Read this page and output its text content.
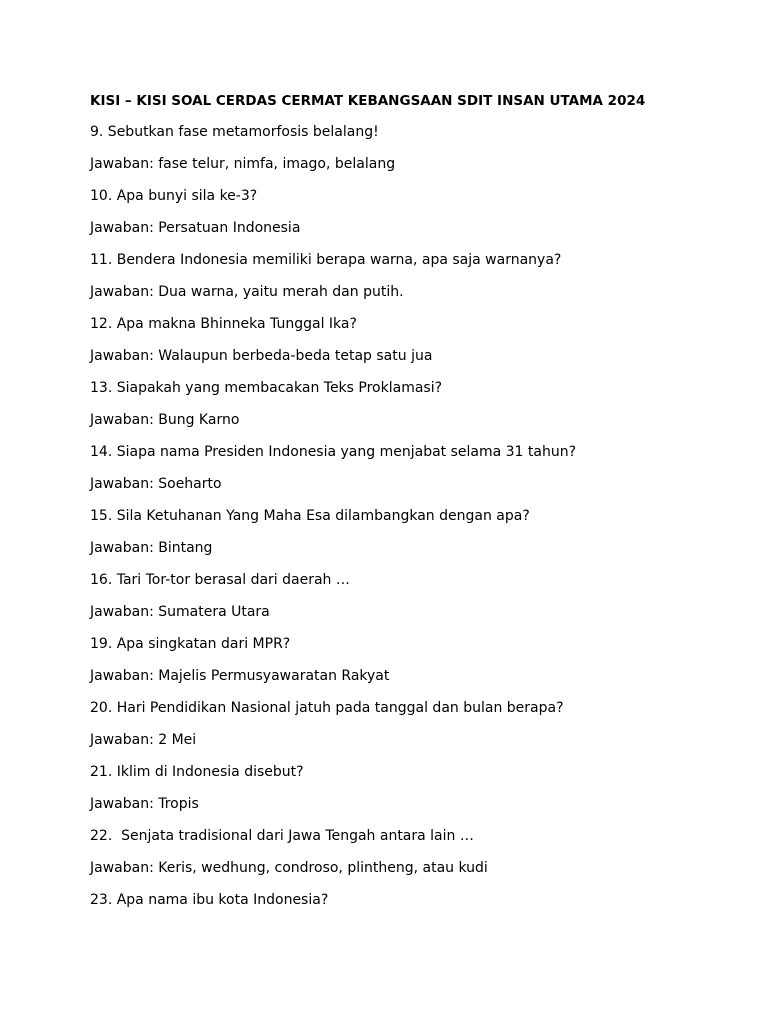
KISI – KISI SOAL CERDAS CERMAT KEBANGSAAN SDIT INSAN UTAMA 2024
9. Sebutkan fase metamorfosis belalang!
Jawaban: fase telur, nimfa, imago, belalang
10. Apa bunyi sila ke-3?
Jawaban: Persatuan Indonesia
11. Bendera Indonesia memiliki berapa warna, apa saja warnanya?
Jawaban: Dua warna, yaitu merah dan putih.
12. Apa makna Bhinneka Tunggal Ika?
Jawaban: Walaupun berbeda-beda tetap satu jua
13. Siapakah yang membacakan Teks Proklamasi?
Jawaban: Bung Karno
14. Siapa nama Presiden Indonesia yang menjabat selama 31 tahun?
Jawaban: Soeharto
15. Sila Ketuhanan Yang Maha Esa dilambangkan dengan apa?
Jawaban: Bintang
16. Tari Tor-tor berasal dari daerah …
Jawaban: Sumatera Utara
19. Apa singkatan dari MPR?
Jawaban: Majelis Permusyawaratan Rakyat
20. Hari Pendidikan Nasional jatuh pada tanggal dan bulan berapa?
Jawaban: 2 Mei
21. Iklim di Indonesia disebut?
Jawaban: Tropis
22.  Senjata tradisional dari Jawa Tengah antara lain …
Jawaban: Keris, wedhung, condroso, plintheng, atau kudi
23. Apa nama ibu kota Indonesia?
